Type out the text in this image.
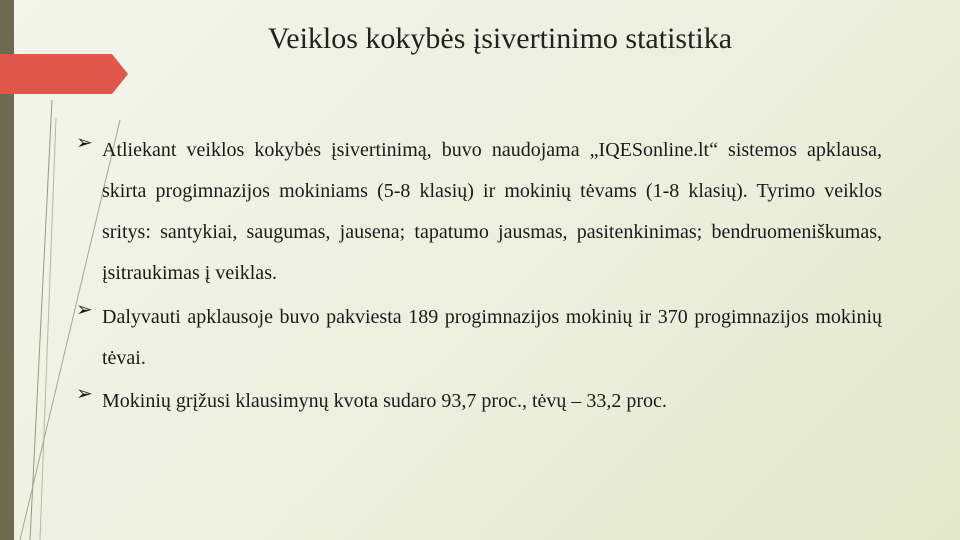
Veiklos kokybės įsivertinimo statistika
➢ Atliekant veiklos kokybės įsivertinimą, buvo naudojama „IQESonline.lt“ sistemos apklausa, skirta progimnazijos mokiniams (5-8 klasių) ir mokinių tėvams (1-8 klasių). Tyrimo veiklos sritys: santykiai, saugumas, jausena; tapatumo jausmas, pasitenkinimas; bendruomeniškumas, įsitraukimas į veiklas.
➢ Dalyvauti apklausoje buvo pakviesta 189 progimnazijos mokinių ir 370 progimnazijos mokinių tėvai.
➢ Mokinių grįžusi klausimynų kvota sudaro 93,7 proc., tėvų – 33,2 proc.
